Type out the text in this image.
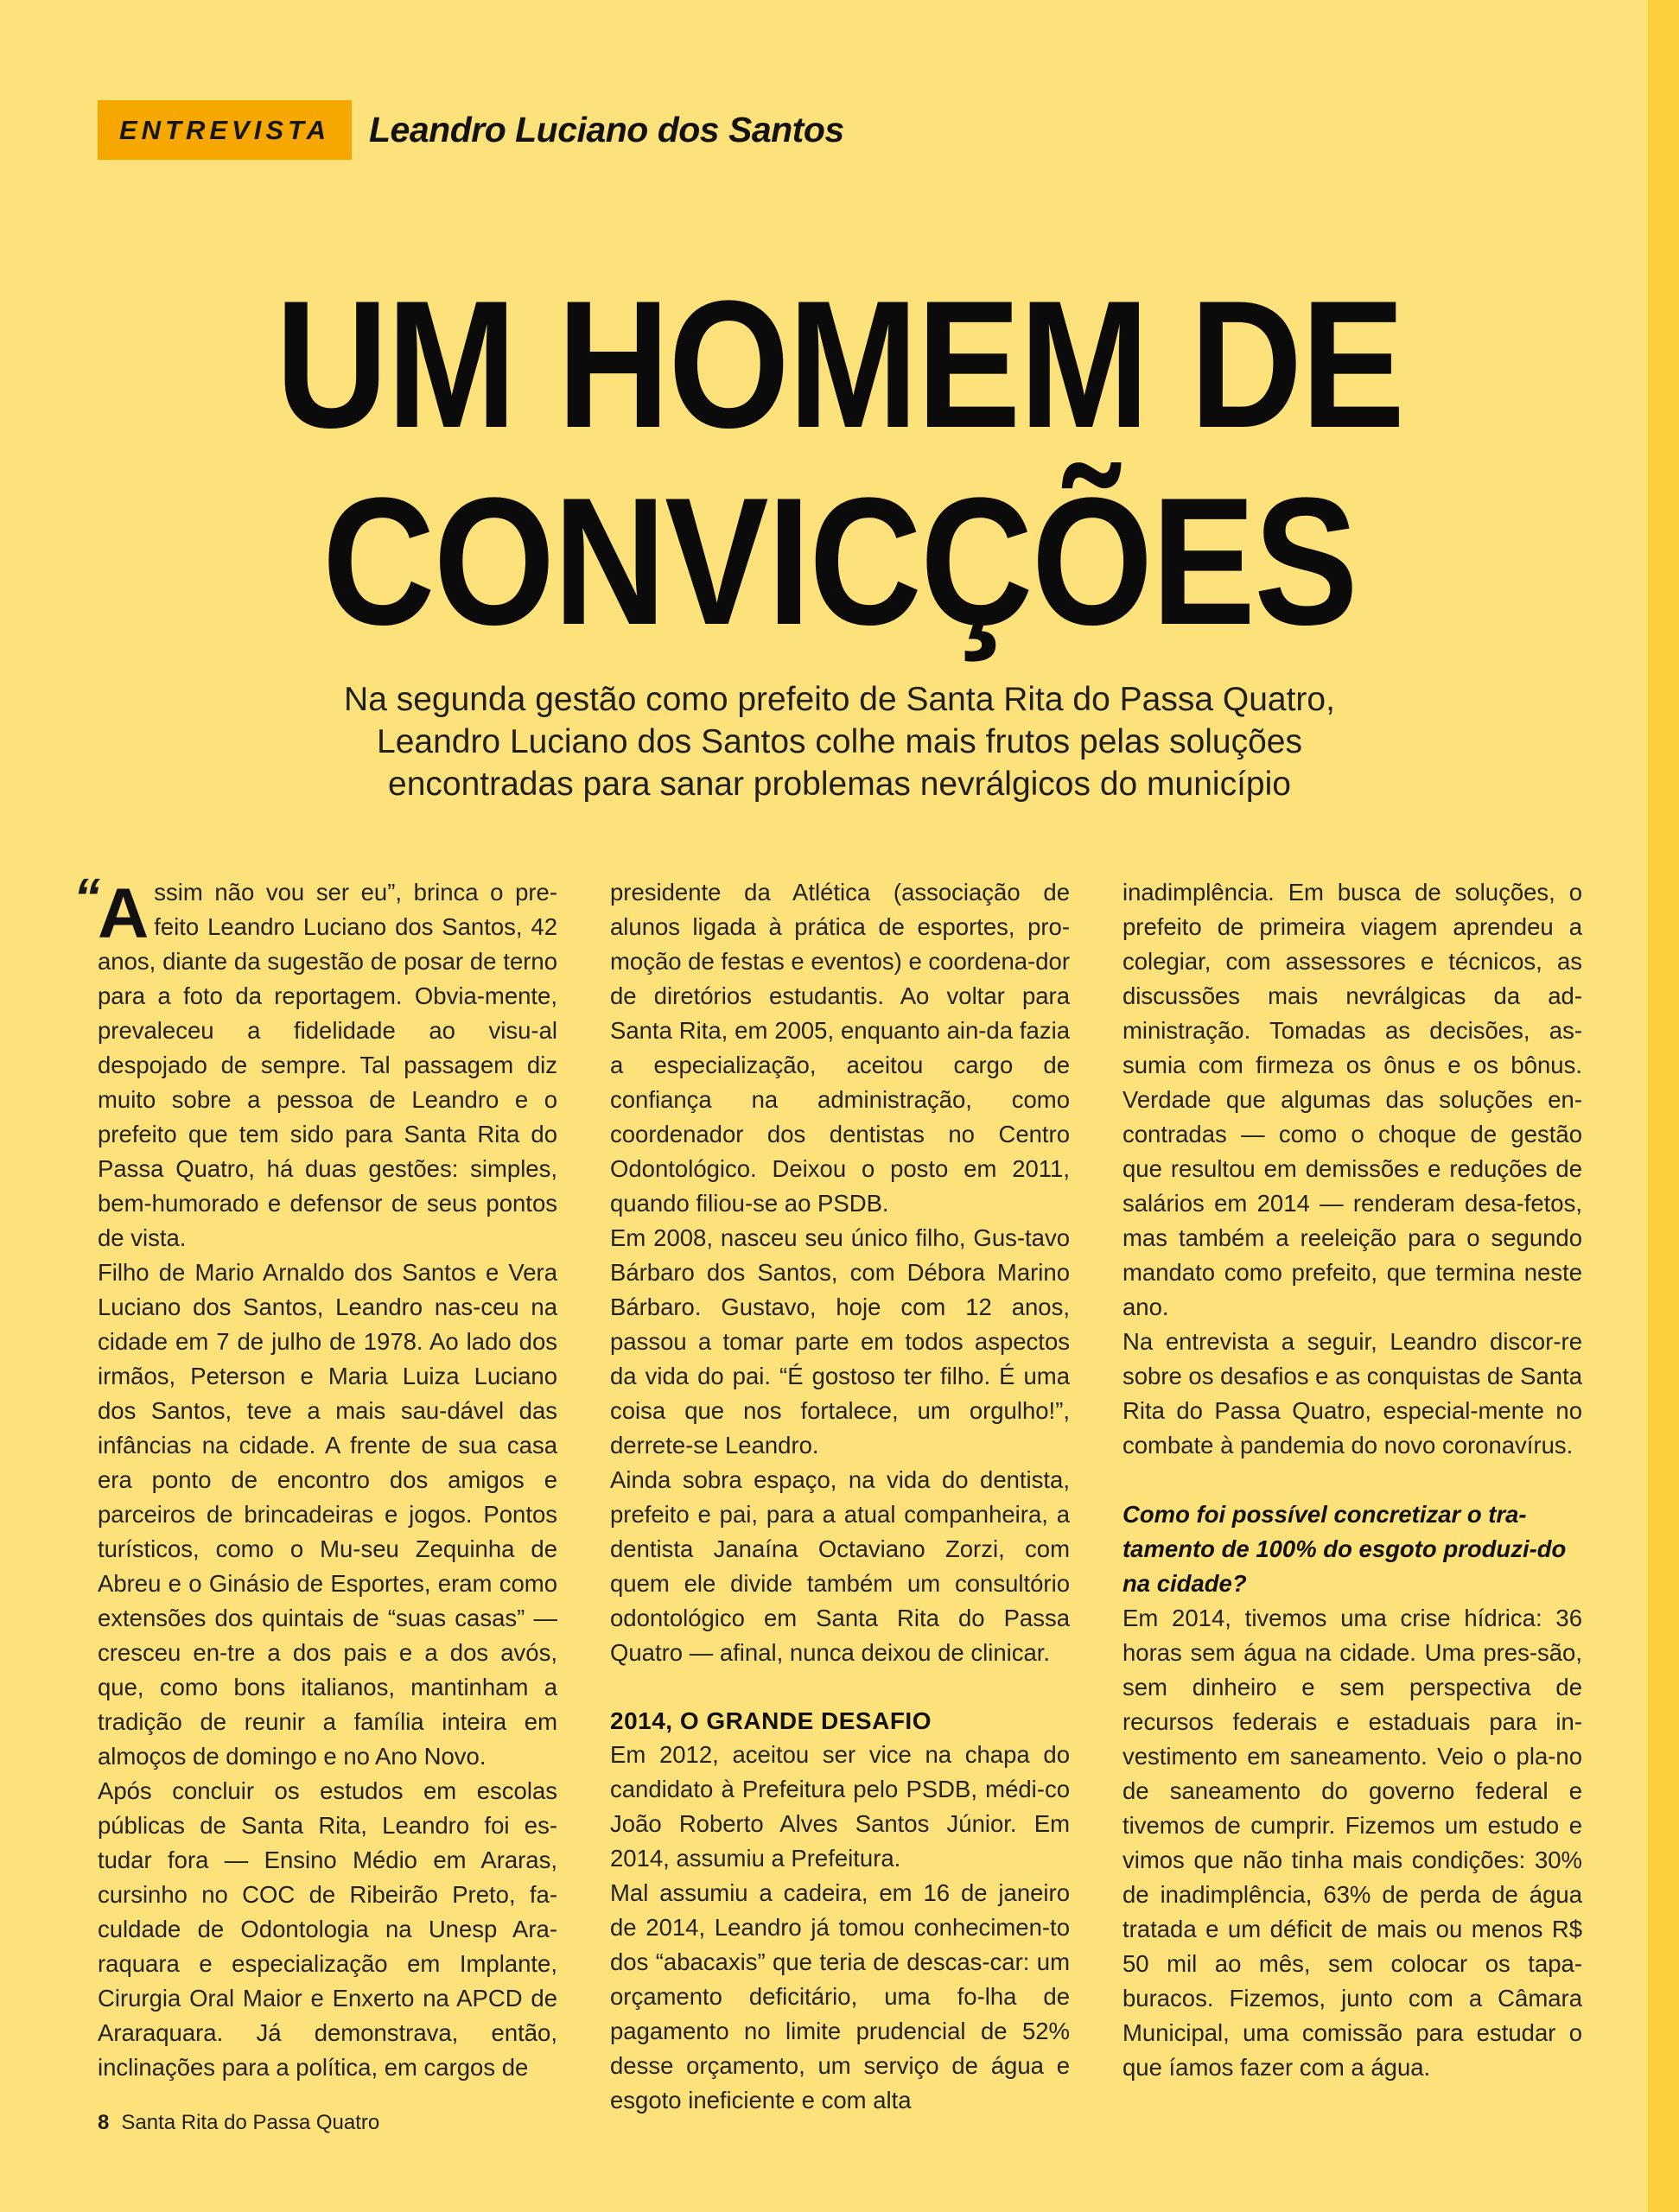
ENTREVISTA	Leandro Luciano dos Santos
UM HOMEM DE
CONVICÇÕES

Na segunda gestão como prefeito de Santa Rita do Passa Quatro,
Leandro Luciano dos Santos colhe mais frutos pelas soluções
encontradas para sanar problemas nevrálgicos do município

“

Assim não vou ser eu”, brinca o pre-feito Leandro Luciano dos Santos, 42 anos, diante da sugestão de posar de terno para a foto da reportagem. Obvia-mente, prevaleceu a fidelidade ao visu-al despojado de sempre. Tal passagem diz muito sobre a pessoa de Leandro e o prefeito que tem sido para Santa Rita do Passa Quatro, há duas gestões: simples, bem-humorado e defensor de seus pontos de vista.

Filho de Mario Arnaldo dos Santos e Vera Luciano dos Santos, Leandro nas-ceu na cidade em 7 de julho de 1978. Ao lado dos irmãos, Peterson e Maria Luiza Luciano dos Santos, teve a mais sau-dável das infâncias na cidade. A frente de sua casa era ponto de encontro dos amigos e parceiros de brincadeiras e jogos. Pontos turísticos, como o Mu-seu Zequinha de Abreu e o Ginásio de Esportes, eram como extensões dos quintais de “suas casas” — cresceu en-tre a dos pais e a dos avós, que, como bons italianos, mantinham a tradição de reunir a família inteira em almoços de domingo e no Ano Novo.

Após concluir os estudos em escolas públicas de Santa Rita, Leandro foi es-tudar fora — Ensino Médio em Araras, cursinho no COC de Ribeirão Preto, fa-culdade de Odontologia na Unesp Ara-raquara e especialização em Implante, Cirurgia Oral Maior e Enxerto na APCD de Araraquara. Já demonstrava, então, inclinações para a política, em cargos de

presidente da Atlética (associação de alunos ligada à prática de esportes, pro-moção de festas e eventos) e coordena-dor de diretórios estudantis. Ao voltar para Santa Rita, em 2005, enquanto ain-da fazia a especialização, aceitou cargo de confiança na administração, como coordenador dos dentistas no Centro Odontológico. Deixou o posto em 2011, quando filiou-se ao PSDB.

Em 2008, nasceu seu único filho, Gus-tavo Bárbaro dos Santos, com Débora Marino Bárbaro. Gustavo, hoje com 12 anos, passou a tomar parte em todos aspectos da vida do pai. “É gostoso ter filho. É uma coisa que nos fortalece, um orgulho!”, derrete-se Leandro.

Ainda sobra espaço, na vida do dentista, prefeito e pai, para a atual companheira, a dentista Janaína Octaviano Zorzi, com quem ele divide também um consultório odontológico em Santa Rita do Passa Quatro — afinal, nunca deixou de clinicar.

2014, O GRANDE DESAFIO

Em 2012, aceitou ser vice na chapa do candidato à Prefeitura pelo PSDB, médi-co João Roberto Alves Santos Júnior. Em 2014, assumiu a Prefeitura.

Mal assumiu a cadeira, em 16 de janeiro de 2014, Leandro já tomou conhecimen-to dos “abacaxis” que teria de descas-car: um orçamento deficitário, uma fo-lha de pagamento no limite prudencial de 52% desse orçamento, um serviço de água e esgoto ineficiente e com alta

inadimplência. Em busca de soluções, o prefeito de primeira viagem aprendeu a colegiar, com assessores e técnicos, as discussões mais nevrálgicas da ad-ministração. Tomadas as decisões, as-sumia com firmeza os ônus e os bônus. Verdade que algumas das soluções en-contradas — como o choque de gestão que resultou em demissões e reduções de salários em 2014 — renderam desa-fetos, mas também a reeleição para o segundo mandato como prefeito, que termina neste ano.

Na entrevista a seguir, Leandro discor-re sobre os desafios e as conquistas de Santa Rita do Passa Quatro, especial-mente no combate à pandemia do novo coronavírus.

Como foi possível concretizar o tra-tamento de 100% do esgoto produzi-do na cidade?

Em 2014, tivemos uma crise hídrica: 36 horas sem água na cidade. Uma pres-são, sem dinheiro e sem perspectiva de recursos federais e estaduais para in-vestimento em saneamento. Veio o pla-no de saneamento do governo federal e tivemos de cumprir. Fizemos um estudo e vimos que não tinha mais condições: 30% de inadimplência, 63% de perda de água tratada e um déficit de mais ou menos R$ 50 mil ao mês, sem colocar os tapa-buracos. Fizemos, junto com a Câmara Municipal, uma comissão para estudar o que íamos fazer com a água.

8 Santa Rita do Passa Quatro
